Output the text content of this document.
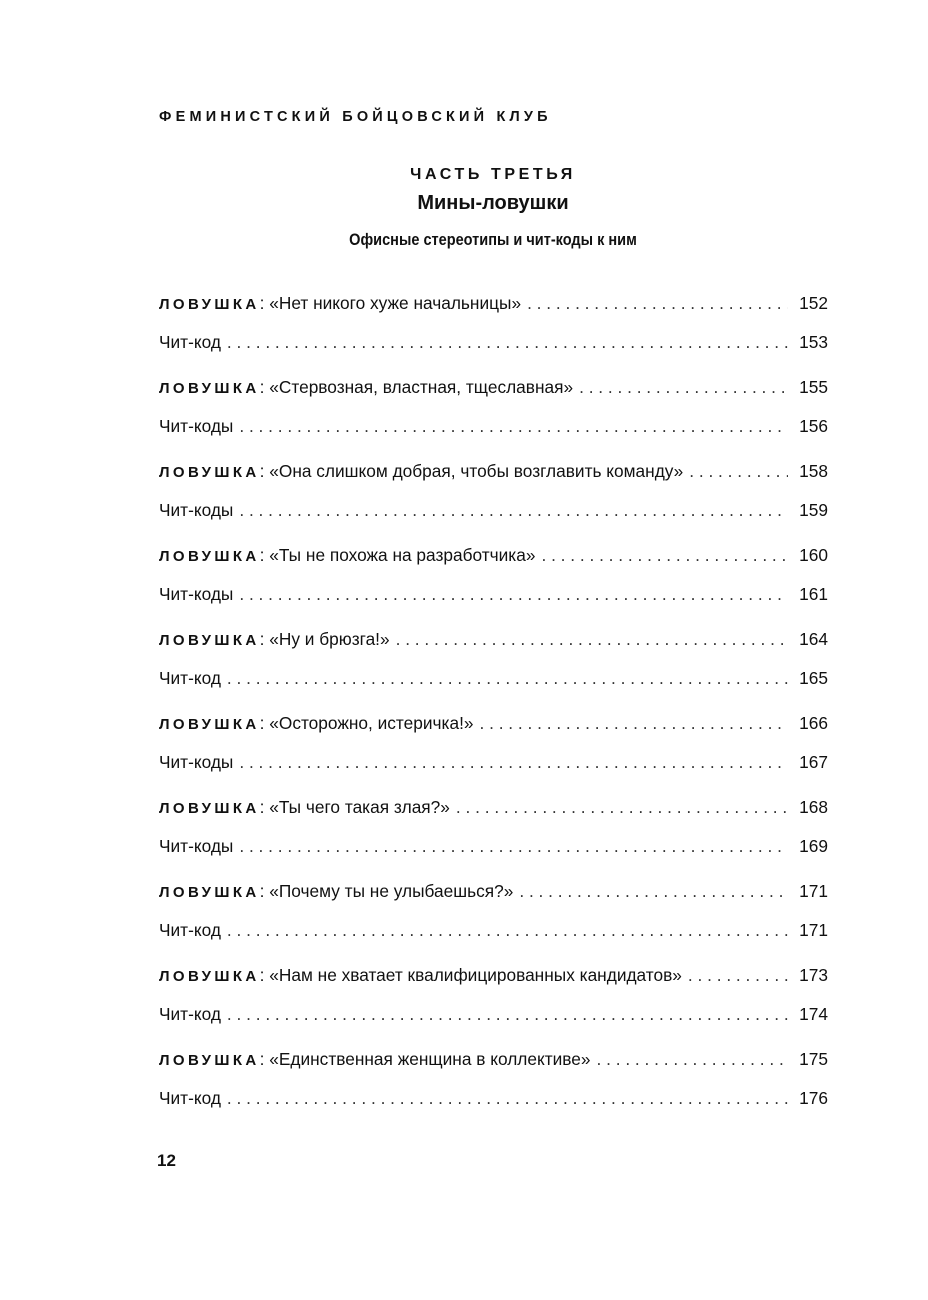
ФЕМИНИСТСКИЙ БОЙЦОВСКИЙ КЛУБ
ЧАСТЬ ТРЕТЬЯ
Мины-ловушки
Офисные стереотипы и чит-коды к ним
ЛОВУШКА: «Нет никого хуже начальницы» . . .	152
Чит-код . . .	153
ЛОВУШКА: «Стервозная, властная, тщеславная» . . .	155
Чит-коды . . .	156
ЛОВУШКА: «Она слишком добрая, чтобы возглавить команду» . . .	158
Чит-коды . . .	159
ЛОВУШКА: «Ты не похожа на разработчика» . . .	160
Чит-коды . . .	161
ЛОВУШКА: «Ну и брюзга!» . . .	164
Чит-код . . .	165
ЛОВУШКА: «Осторожно, истеричка!» . . .	166
Чит-коды . . .	167
ЛОВУШКА: «Ты чего такая злая?» . . .	168
Чит-коды . . .	169
ЛОВУШКА: «Почему ты не улыбаешься?» . . .	171
Чит-код . . .	171
ЛОВУШКА: «Нам не хватает квалифицированных кандидатов» . . .	173
Чит-код . . .	174
ЛОВУШКА: «Единственная женщина в коллективе» . . .	175
Чит-код . . .	176
12
